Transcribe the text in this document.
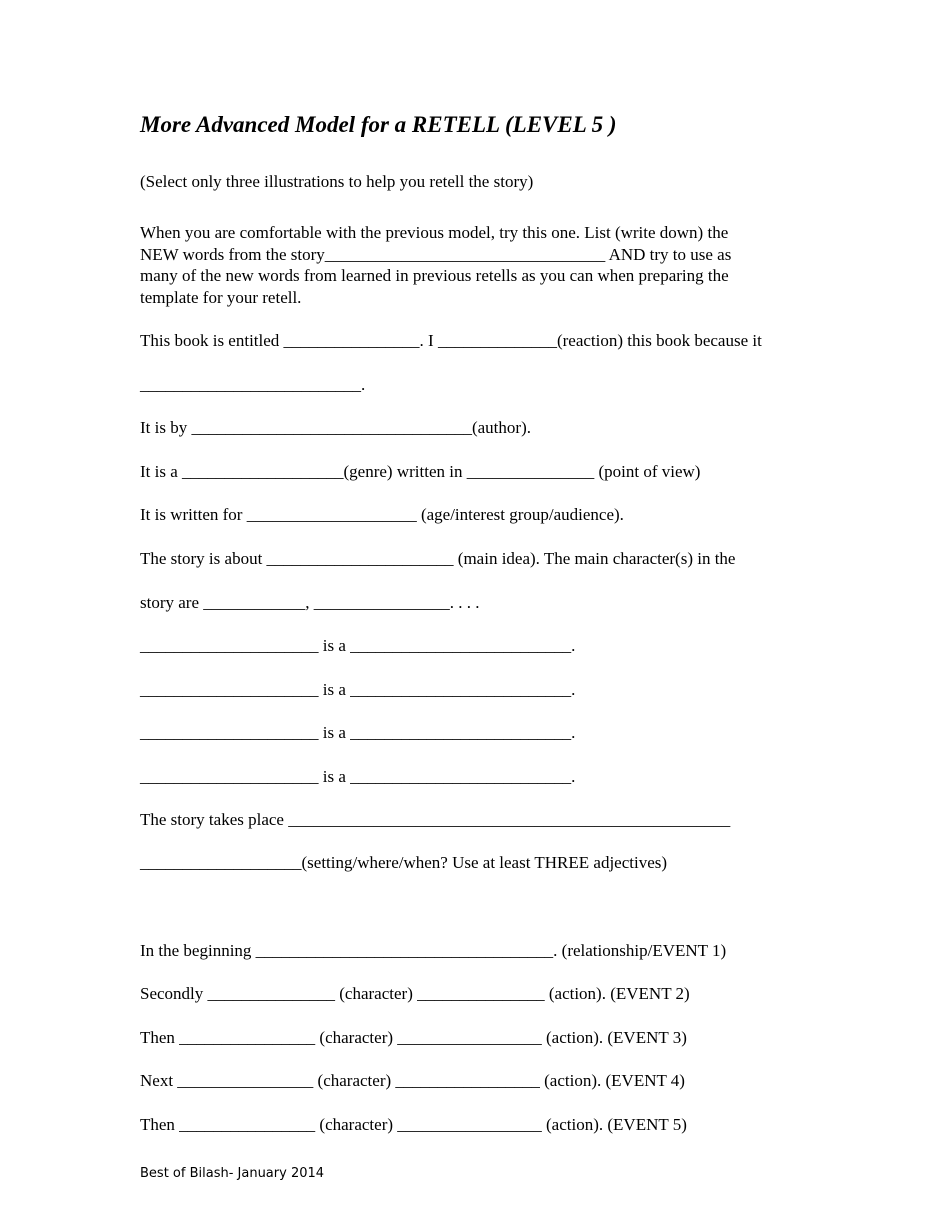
More Advanced Model for a RETELL (LEVEL 5 )

(Select only three illustrations to help you retell the story)

When you are comfortable with the previous model, try this one. List (write down) the
NEW words from the story_________________________________ AND try to use as
many of the new words from learned in previous retells as you can when preparing the
template for your retell.

This book is entitled ________________. I ______________(reaction) this book because it

__________________________.

It is by _________________________________(author).

It is a ___________________(genre) written in _______________ (point of view)

It is written for ____________________ (age/interest group/audience).

The story is about ______________________ (main idea). The main character(s) in the

story are ____________, ________________. . . .

_____________________ is a __________________________.

_____________________ is a __________________________.

_____________________ is a __________________________.

_____________________ is a __________________________.

The story takes place ____________________________________________________

___________________(setting/where/when? Use at least THREE adjectives)

In the beginning ___________________________________. (relationship/EVENT 1)

Secondly _______________ (character) _______________ (action). (EVENT 2)

Then ________________ (character) _________________ (action). (EVENT 3)

Next ________________ (character) _________________ (action). (EVENT 4)

Then ________________ (character) _________________ (action). (EVENT 5)

Best of Bilash- January 2014
